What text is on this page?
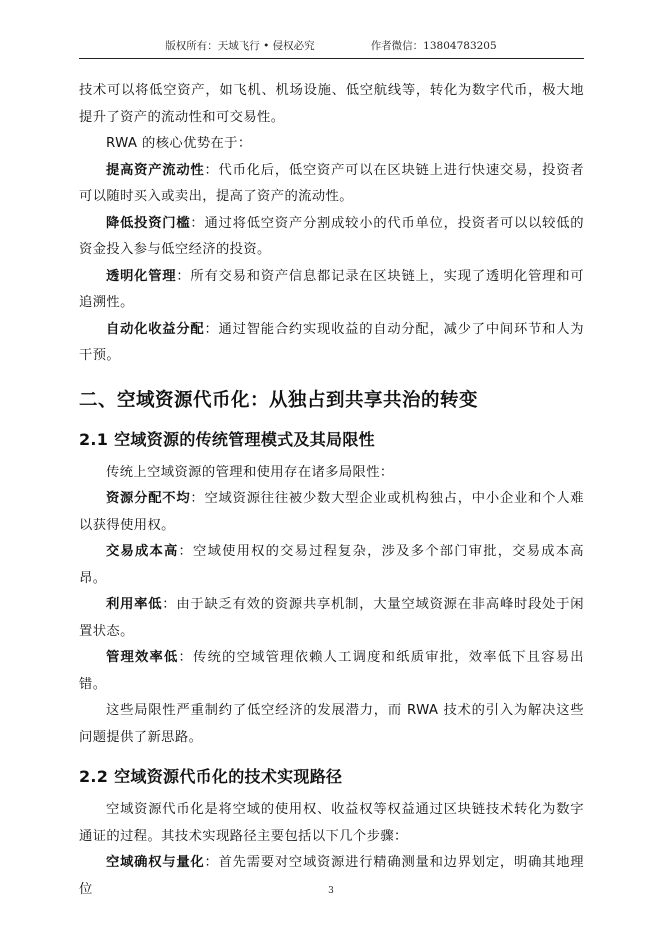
版权所有：天域飞行 • 侵权必究	作者微信：13804783205

技术可以将低空资产，如飞机、机场设施、低空航线等，转化为数字代币，极大地提升了资产的流动性和可交易性。

RWA 的核心优势在于：

提高资产流动性：代币化后，低空资产可以在区块链上进行快速交易，投资者可以随时买入或卖出，提高了资产的流动性。

降低投资门槛：通过将低空资产分割成较小的代币单位，投资者可以以较低的资金投入参与低空经济的投资。

透明化管理：所有交易和资产信息都记录在区块链上，实现了透明化管理和可追溯性。

自动化收益分配：通过智能合约实现收益的自动分配，减少了中间环节和人为干预。

二、空域资源代币化：从独占到共享共治的转变
2.1 空域资源的传统管理模式及其局限性

传统上空域资源的管理和使用存在诸多局限性：

资源分配不均：空域资源往往被少数大型企业或机构独占，中小企业和个人难以获得使用权。

交易成本高：空域使用权的交易过程复杂，涉及多个部门审批，交易成本高昂。

利用率低：由于缺乏有效的资源共享机制，大量空域资源在非高峰时段处于闲置状态。

管理效率低：传统的空域管理依赖人工调度和纸质审批，效率低下且容易出错。

这些局限性严重制约了低空经济的发展潜力，而 RWA 技术的引入为解决这些问题提供了新思路。

2.2 空域资源代币化的技术实现路径

空域资源代币化是将空域的使用权、收益权等权益通过区块链技术转化为数字通证的过程。其技术实现路径主要包括以下几个步骤：

空域确权与量化：首先需要对空域资源进行精确测量和边界划定，明确其地理位	3
